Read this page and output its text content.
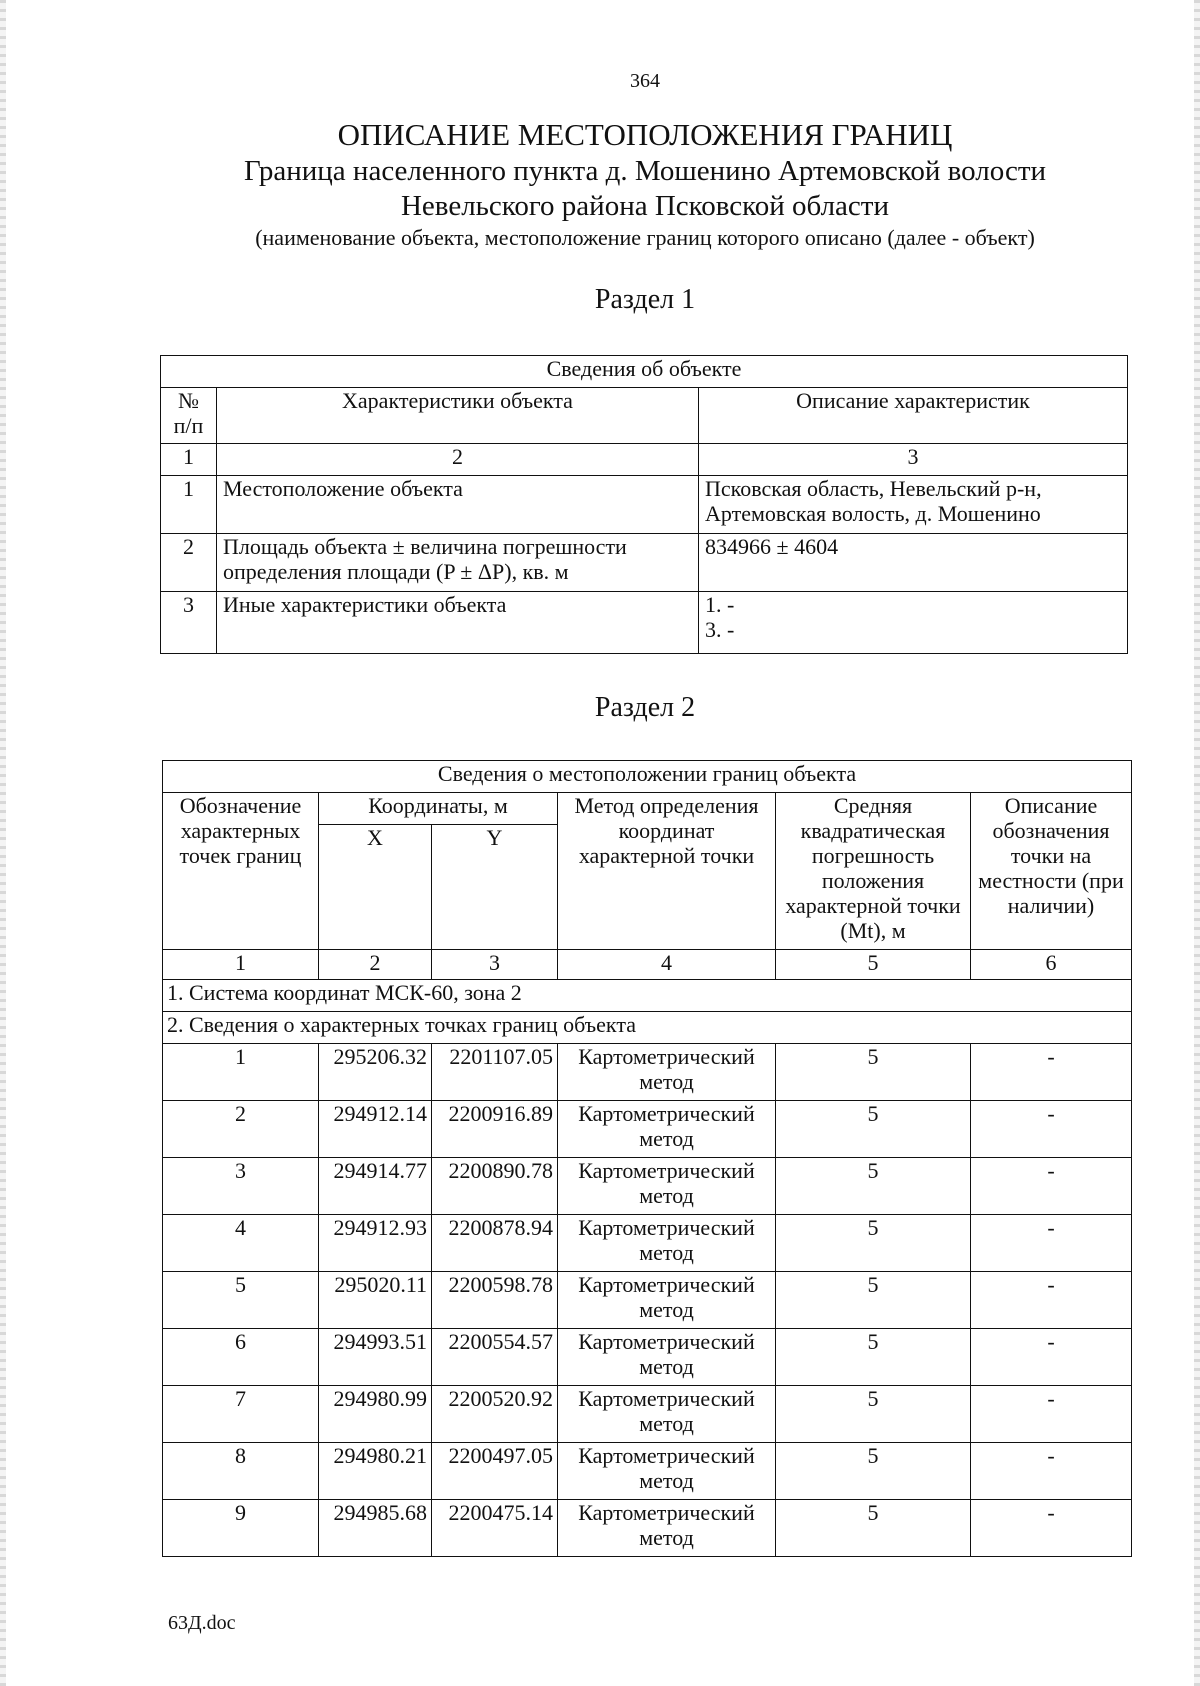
364
ОПИСАНИЕ МЕСТОПОЛОЖЕНИЯ ГРАНИЦ
Граница населенного пункта д. Мошенино Артемовской волости
Невельского района Псковской области
(наименование объекта, местоположение границ которого описано (далее - объект)
Раздел 1
Сведения об объекте		
№ п/п	Характеристики объекта	Описание характеристик
1	2	3
1	Местоположение объекта	Псковская область, Невельский р-н,
Артемовская волость, д. Мошенино

2	Площадь объекта ± величина погрешности определения площади (P ± ΔP), кв. м	834966 ± 4604

3	Иные характеристики объекта	1. -
3. -
Раздел 2
Сведения о местоположении границ объекта					
Обозначение характерных точек границ	Координаты, м		Метод определения координат характерной точки	Средняя квадратическая погрешность положения характерной точки (Mt), м	Описание обозначения точки на местности (при наличии)
	X	Y			
1	2	3	4	5	6
1. Система координат МСК-60, зона 2					
2. Сведения о характерных точках границ объекта					
1	295206.32	2201107.05	Картометрический метод	5	-
2	294912.14	2200916.89	Картометрический метод	5	-
3	294914.77	2200890.78	Картометрический метод	5	-
4	294912.93	2200878.94	Картометрический метод	5	-
5	295020.11	2200598.78	Картометрический метод	5	-
6	294993.51	2200554.57	Картометрический метод	5	-
7	294980.99	2200520.92	Картометрический метод	5	-
8	294980.21	2200497.05	Картометрический метод	5	-
9	294985.68	2200475.14	Картометрический метод	5	-
63Д.doc
